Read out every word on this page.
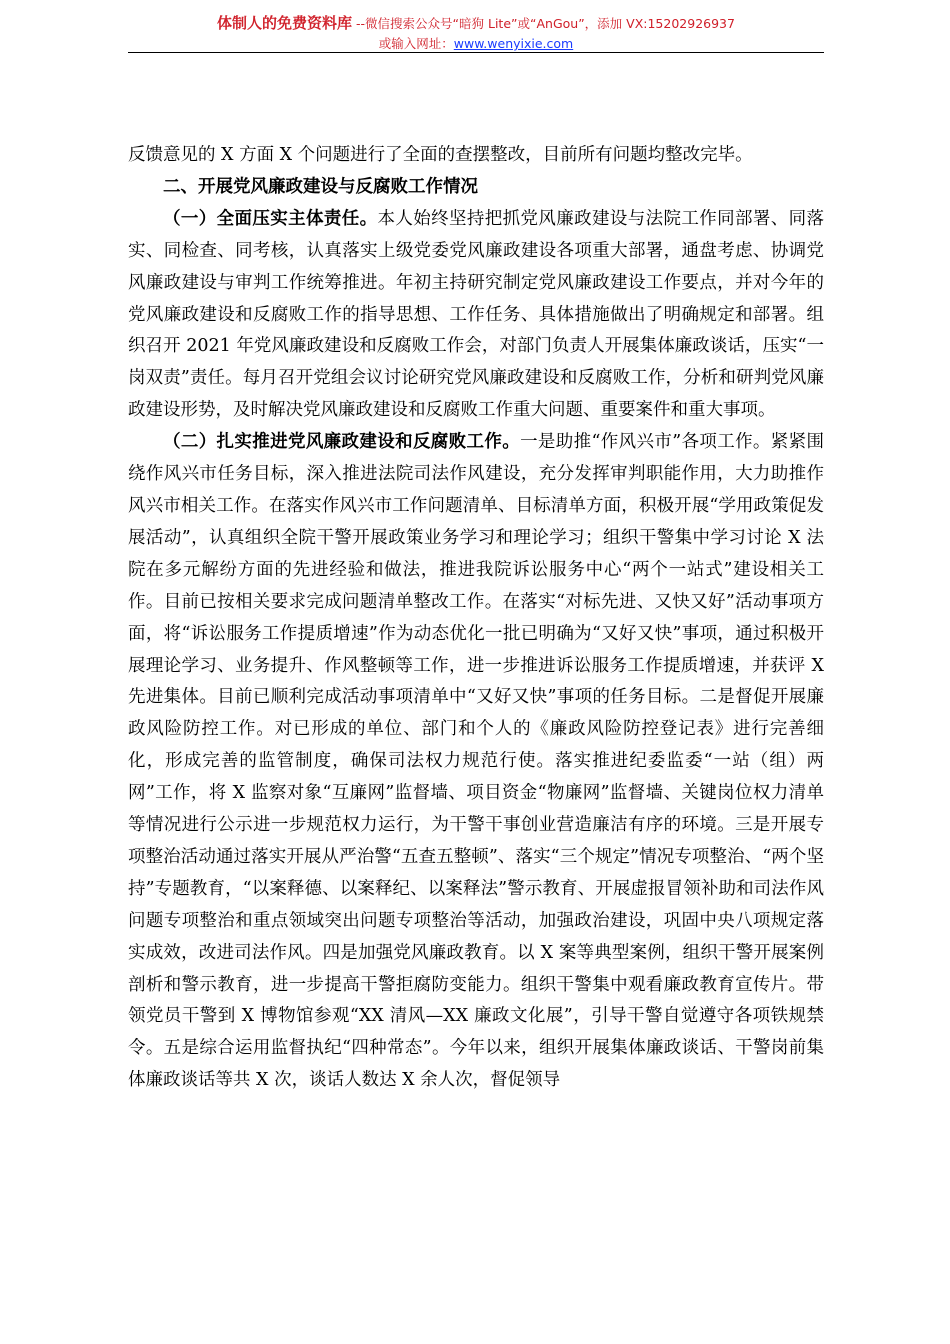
体制人的免费资料库 --微信搜索公众号“暗狗 Lite”或“AnGou”，添加 VX:15202926937
或输入网址：www.wenyixie.com

反馈意见的 X 方面 X 个问题进行了全面的查摆整改，目前所有问题均整改完毕。

二、开展党风廉政建设与反腐败工作情况

（一）全面压实主体责任。本人始终坚持把抓党风廉政建设与法院工作同部署、同落实、同检查、同考核，认真落实上级党委党风廉政建设各项重大部署，通盘考虑、协调党风廉政建设与审判工作统筹推进。年初主持研究制定党风廉政建设工作要点，并对今年的党风廉政建设和反腐败工作的指导思想、工作任务、具体措施做出了明确规定和部署。组织召开 2021 年党风廉政建设和反腐败工作会，对部门负责人开展集体廉政谈话，压实“一岗双责”责任。每月召开党组会议讨论研究党风廉政建设和反腐败工作，分析和研判党风廉政建设形势，及时解决党风廉政建设和反腐败工作重大问题、重要案件和重大事项。

（二）扎实推进党风廉政建设和反腐败工作。一是助推“作风兴市”各项工作。紧紧围绕作风兴市任务目标，深入推进法院司法作风建设，充分发挥审判职能作用，大力助推作风兴市相关工作。在落实作风兴市工作问题清单、目标清单方面，积极开展“学用政策促发展活动”，认真组织全院干警开展政策业务学习和理论学习；组织干警集中学习讨论 X 法院在多元解纷方面的先进经验和做法，推进我院诉讼服务中心“两个一站式”建设相关工作。目前已按相关要求完成问题清单整改工作。在落实“对标先进、又快又好”活动事项方面，将“诉讼服务工作提质增速”作为动态优化一批已明确为“又好又快”事项，通过积极开展理论学习、业务提升、作风整顿等工作，进一步推进诉讼服务工作提质增速，并获评 X 先进集体。目前已顺利完成活动事项清单中“又好又快”事项的任务目标。二是督促开展廉政风险防控工作。对已形成的单位、部门和个人的《廉政风险防控登记表》进行完善细化，形成完善的监管制度，确保司法权力规范行使。落实推进纪委监委“一站（组）两网”工作，将 X 监察对象“互廉网”监督墙、项目资金“物廉网”监督墙、关键岗位权力清单等情况进行公示进一步规范权力运行，为干警干事创业营造廉洁有序的环境。三是开展专项整治活动通过落实开展从严治警“五查五整顿”、落实“三个规定”情况专项整治、“两个坚持”专题教育，“以案释德、以案释纪、以案释法”警示教育、开展虚报冒领补助和司法作风问题专项整治和重点领域突出问题专项整治等活动，加强政治建设，巩固中央八项规定落实成效，改进司法作风。四是加强党风廉政教育。以 X 案等典型案例，组织干警开展案例剖析和警示教育，进一步提高干警拒腐防变能力。组织干警集中观看廉政教育宣传片。带领党员干警到 X 博物馆参观“XX 清风—XX 廉政文化展”，引导干警自觉遵守各项铁规禁令。五是综合运用监督执纪“四种常态”。今年以来，组织开展集体廉政谈话、干警岗前集体廉政谈话等共 X 次，谈话人数达 X 余人次，督促领导
